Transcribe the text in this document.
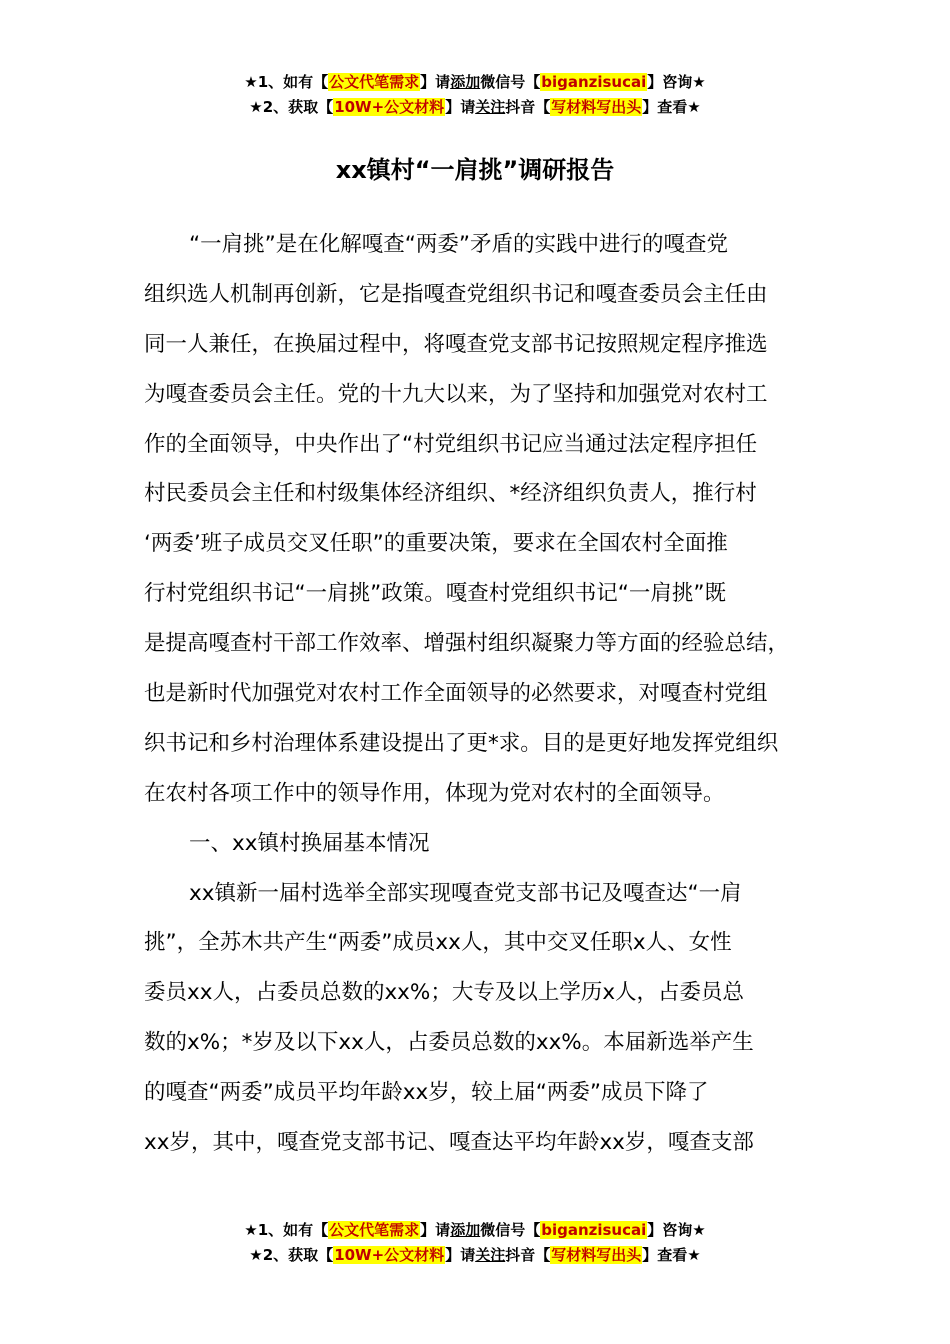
★1、如有【公文代笔需求】请添加微信号【biganzisucai】咨询★
★2、获取【10W+公文材料】请关注抖音【写材料写出头】查看★
xx镇村“一肩挑”调研报告
“一肩挑”是在化解嘎查“两委”矛盾的实践中进行的嘎查党
组织选人机制再创新，它是指嘎查党组织书记和嘎查委员会主任由
同一人兼任，在换届过程中，将嘎查党支部书记按照规定程序推选
为嘎查委员会主任。党的十九大以来，为了坚持和加强党对农村工
作的全面领导，中央作出了“村党组织书记应当通过法定程序担任
村民委员会主任和村级集体经济组织、*经济组织负责人，推行村
‘两委’班子成员交叉任职”的重要决策，要求在全国农村全面推
行村党组织书记“一肩挑”政策。嘎查村党组织书记“一肩挑”既
是提高嘎查村干部工作效率、增强村组织凝聚力等方面的经验总结，
也是新时代加强党对农村工作全面领导的必然要求，对嘎查村党组
织书记和乡村治理体系建设提出了更*求。目的是更好地发挥党组织
在农村各项工作中的领导作用，体现为党对农村的全面领导。
一、xx镇村换届基本情况
xx镇新一届村选举全部实现嘎查党支部书记及嘎查达“一肩
挑”，全苏木共产生“两委”成员xx人，其中交叉任职x人、女性
委员xx人，占委员总数的xx%；大专及以上学历x人，占委员总
数的x%；*岁及以下xx人，占委员总数的xx%。本届新选举产生
的嘎查“两委”成员平均年龄xx岁，较上届“两委”成员下降了
xx岁，其中，嘎查党支部书记、嘎查达平均年龄xx岁，嘎查支部
★1、如有【公文代笔需求】请添加微信号【biganzisucai】咨询★
★2、获取【10W+公文材料】请关注抖音【写材料写出头】查看★
